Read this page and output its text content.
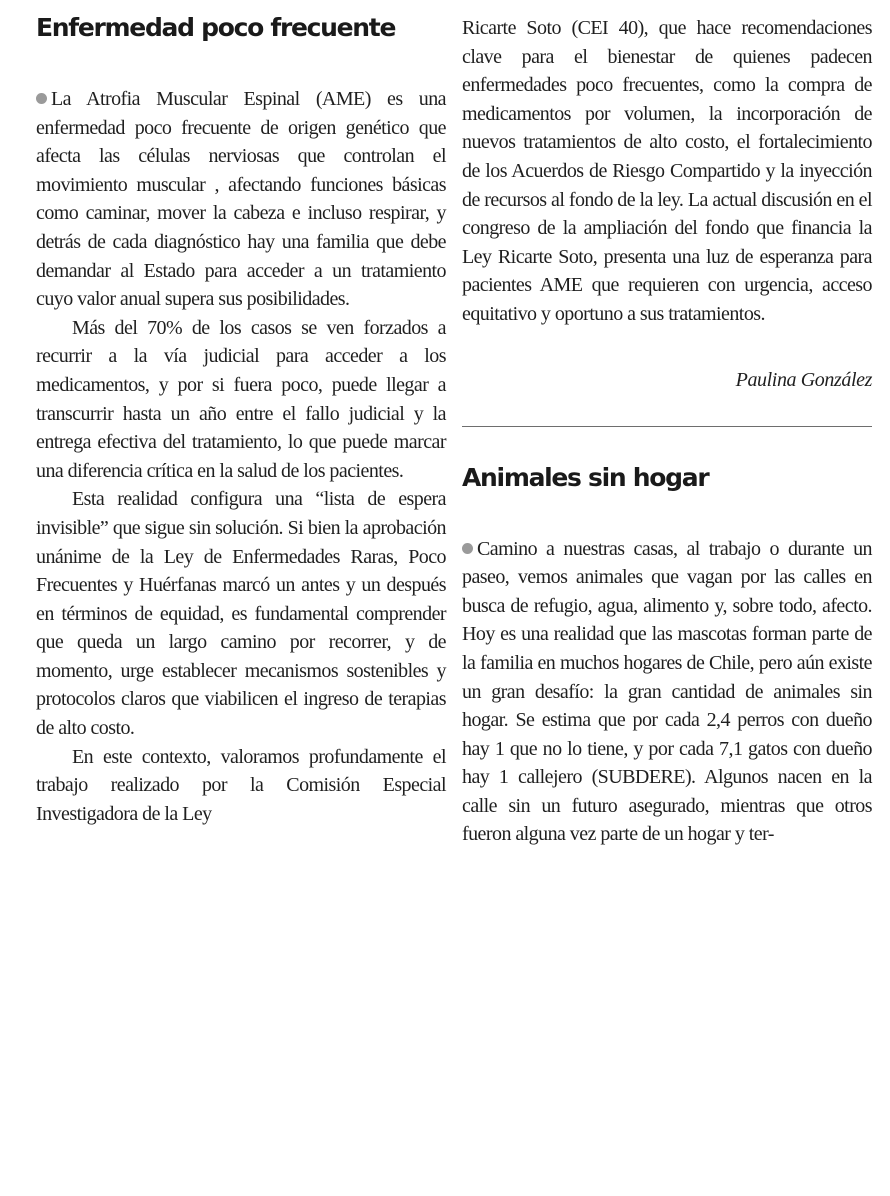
Enfermedad poco frecuente

La Atrofia Muscular Espinal (AME) es una enfermedad poco frecuente de origen genético que afecta las células nerviosas que controlan el movimiento muscular , afectando funciones básicas como caminar, mover la cabeza e incluso respirar, y detrás de cada diagnóstico hay una familia que debe demandar al Estado para acceder a un tratamiento cuyo valor anual supera sus posibilidades.

Más del 70% de los casos se ven forzados a recurrir a la vía judicial para acceder a los medicamentos, y por si fuera poco, puede llegar a transcurrir hasta un año entre el fallo judicial y la entrega efectiva del tratamiento, lo que puede marcar una diferencia crítica en la salud de los pacientes.

Esta realidad configura una “lista de espera invisible” que sigue sin solución. Si bien la aprobación unánime de la Ley de Enfermedades Raras, Poco Frecuentes y Huérfanas marcó un antes y un después en términos de equidad, es fundamental comprender que queda un largo camino por recorrer, y de momento, urge establecer mecanismos sostenibles y protocolos claros que viabilicen el ingreso de terapias de alto costo.

En este contexto, valoramos profundamente el trabajo realizado por la Comisión Especial Investigadora de la Ley

Ricarte Soto (CEI 40), que hace recomendaciones clave para el bienestar de quienes padecen enfermedades poco frecuentes, como la compra de medicamentos por volumen, la incorporación de nuevos tratamientos de alto costo, el fortalecimiento de los Acuerdos de Riesgo Compartido y la inyección de recursos al fondo de la ley. La actual discusión en el congreso de la ampliación del fondo que financia la Ley Ricarte Soto, presenta una luz de esperanza para pacientes AME que requieren con urgencia, acceso equitativo y oportuno a sus tratamientos.

Paulina González
Animales sin hogar

Camino a nuestras casas, al trabajo o durante un paseo, vemos animales que vagan por las calles en busca de refugio, agua, alimento y, sobre todo, afecto. Hoy es una realidad que las mascotas forman parte de la familia en muchos hogares de Chile, pero aún existe un gran desafío: la gran cantidad de animales sin hogar. Se estima que por cada 2,4 perros con dueño hay 1 que no lo tiene, y por cada 7,1 gatos con dueño hay 1 callejero (SUBDERE). Algunos nacen en la calle sin un futuro asegurado, mientras que otros fueron alguna vez parte de un hogar y ter-
